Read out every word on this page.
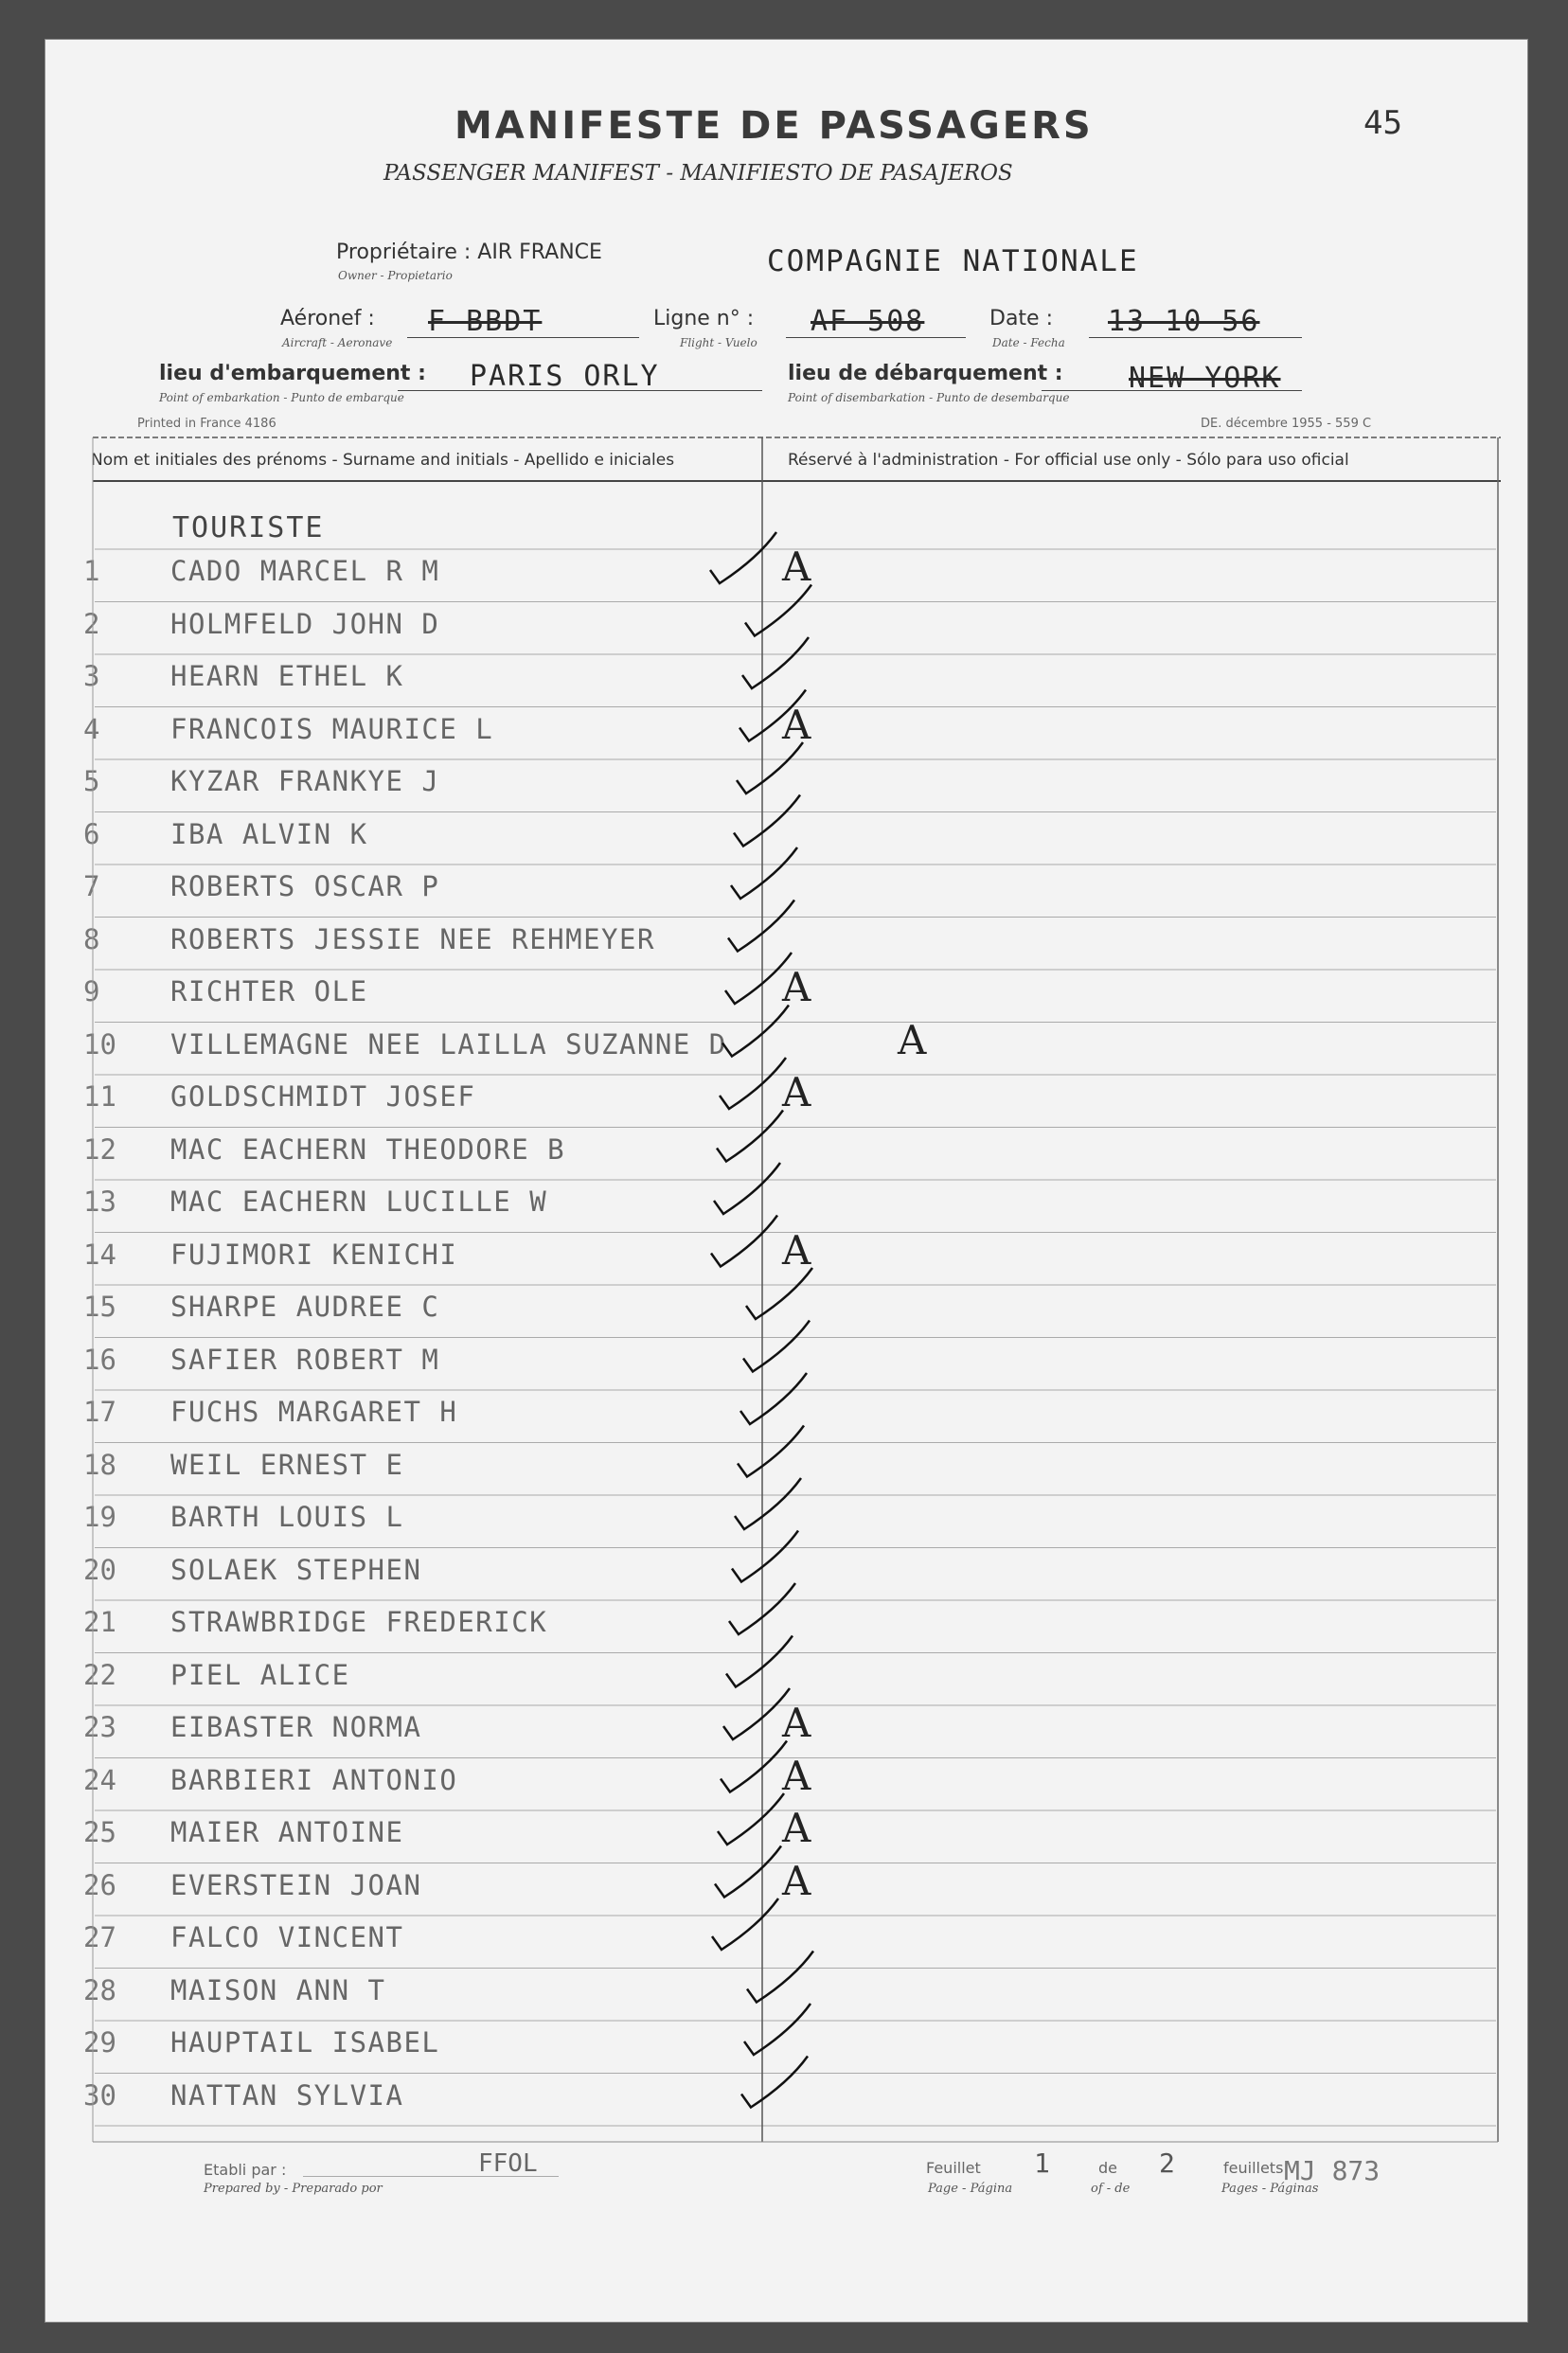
MANIFESTE DE PASSAGERS	45
PASSENGER MANIFEST - MANIFIESTO DE PASAJEROS
Propriétaire : AIR FRANCE
Owner - Propietario	COMPAGNIE NATIONALE
Aéronef :
Aircraft - Aeronave
F BBDT	Ligne n° :
Flight - Vuelo
AF 508	Date :
Date - Fecha
13 10 56
lieu d'embarquement :
Point of embarkation - Punto de embarque
PARIS ORLY	lieu de débarquement :
Point of disembarkation - Punto de desembarque
NEW YORK
Printed in France 4186	DE. décembre 1955 - 559 C
Nom et initiales des prénoms - Surname and initials - Apellido e iniciales	Réservé à l'administration - For official use only - Sólo para uso oficial
1	CADO MARCEL R M	A
2	HOLMFELD JOHN D
3	HEARN ETHEL K
4	FRANCOIS MAURICE L	A
5	KYZAR FRANKYE J
6	IBA ALVIN K
7	ROBERTS OSCAR P
8	ROBERTS JESSIE NEE REHMEYER
9	RICHTER OLE	A
10	VILLEMAGNE NEE LAILLA SUZANNE D	A
11	GOLDSCHMIDT JOSEF	A
12	MAC EACHERN THEODORE B
13	MAC EACHERN LUCILLE W
14	FUJIMORI KENICHI	A
15	SHARPE AUDREE C
16	SAFIER ROBERT M
17	FUCHS MARGARET H
18	WEIL ERNEST E
19	BARTH LOUIS L
20	SOLAEK STEPHEN
21	STRAWBRIDGE FREDERICK
22	PIEL ALICE
23	EIBASTER NORMA	A
24	BARBIERI ANTONIO	A
25	MAIER ANTOINE	A
26	EVERSTEIN JOAN	A
27	FALCO VINCENT
28	MAISON ANN T
29	HAUPTAIL ISABEL
30	NATTAN SYLVIA
TOURISTE
Etabli par :
Prepared by - Preparado por
FFOL	Feuillet
Page - Página
1	de
of - de
2	feuillets
Pages - Páginas
MJ 873
